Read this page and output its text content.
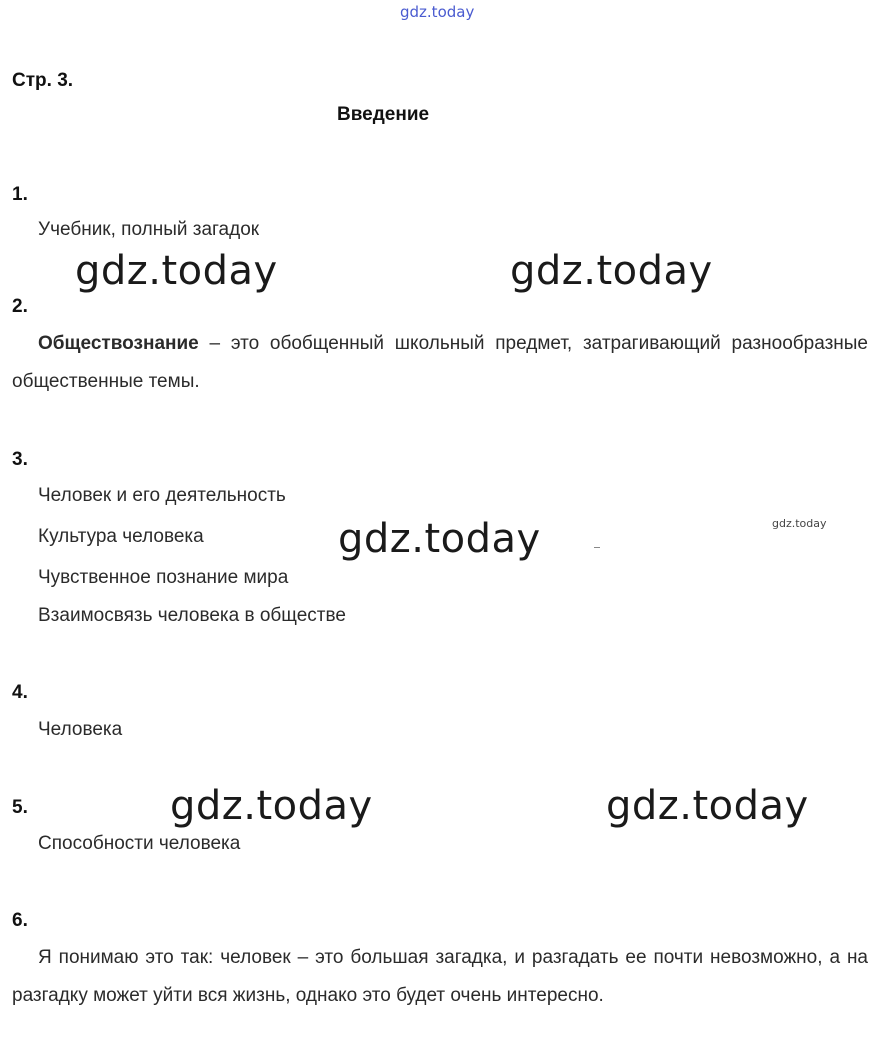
gdz.today
Стр. 3.
Введение
1.
Учебник, полный загадок
gdz.today	gdz.today
2.
Обществознание – это обобщенный школьный предмет, затрагивающий разнообразные общественные темы.
3.
Человек и его деятельность
Культура человека
Чувственное познание мира
Взаимосвязь человека в обществе
gdz.today	gdz.today
4.
Человека
5.	gdz.today	gdz.today
Способности человека
6.
Я понимаю это так: человек – это большая загадка, и разгадать ее почти невозможно, а на разгадку может уйти вся жизнь, однако это будет очень интересно.
